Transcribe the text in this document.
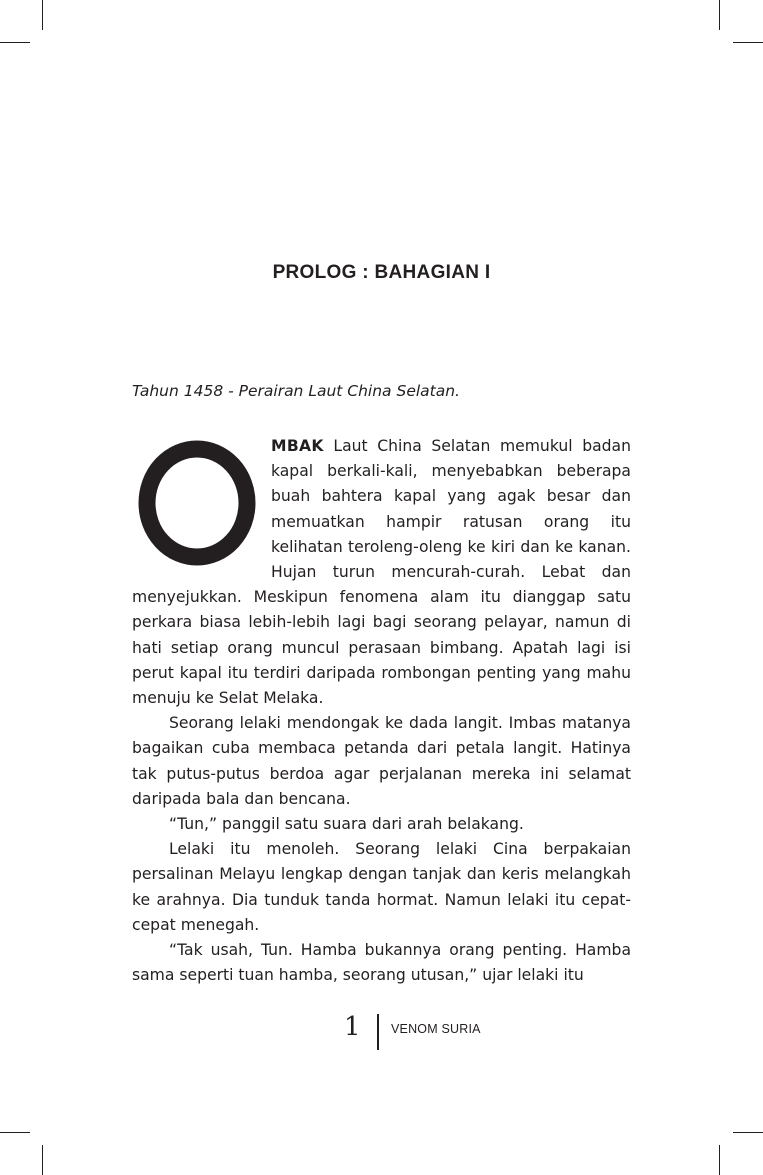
PROLOG : BAHAGIAN I
Tahun 1458 - Perairan Laut China Selatan.

MBAK Laut China Selatan memukul badan kapal berkali-kali, menyebabkan beberapa buah bahtera kapal yang agak besar dan memuatkan hampir ratusan orang itu kelihatan teroleng-oleng ke kiri dan ke kanan. Hujan turun mencurah-curah. Lebat dan menyejukkan. Meskipun fenomena alam itu dianggap satu perkara biasa lebih-lebih lagi bagi seorang pelayar, namun di hati setiap orang muncul perasaan bimbang. Apatah lagi isi perut kapal itu terdiri daripada rombongan penting yang mahu menuju ke Selat Melaka.

Seorang lelaki mendongak ke dada langit. Imbas matanya bagaikan cuba membaca petanda dari petala langit. Hatinya tak putus-putus berdoa agar perjalanan mereka ini selamat daripada bala dan bencana.

“Tun,” panggil satu suara dari arah belakang.

Lelaki itu menoleh. Seorang lelaki Cina berpakaian persalinan Melayu lengkap dengan tanjak dan keris melangkah ke arahnya. Dia tunduk tanda hormat. Namun lelaki itu cepat-cepat menegah.

“Tak usah, Tun. Hamba bukannya orang penting. Hamba sama seperti tuan hamba, seorang utusan,” ujar lelaki itu

1 VENOM SURIA
